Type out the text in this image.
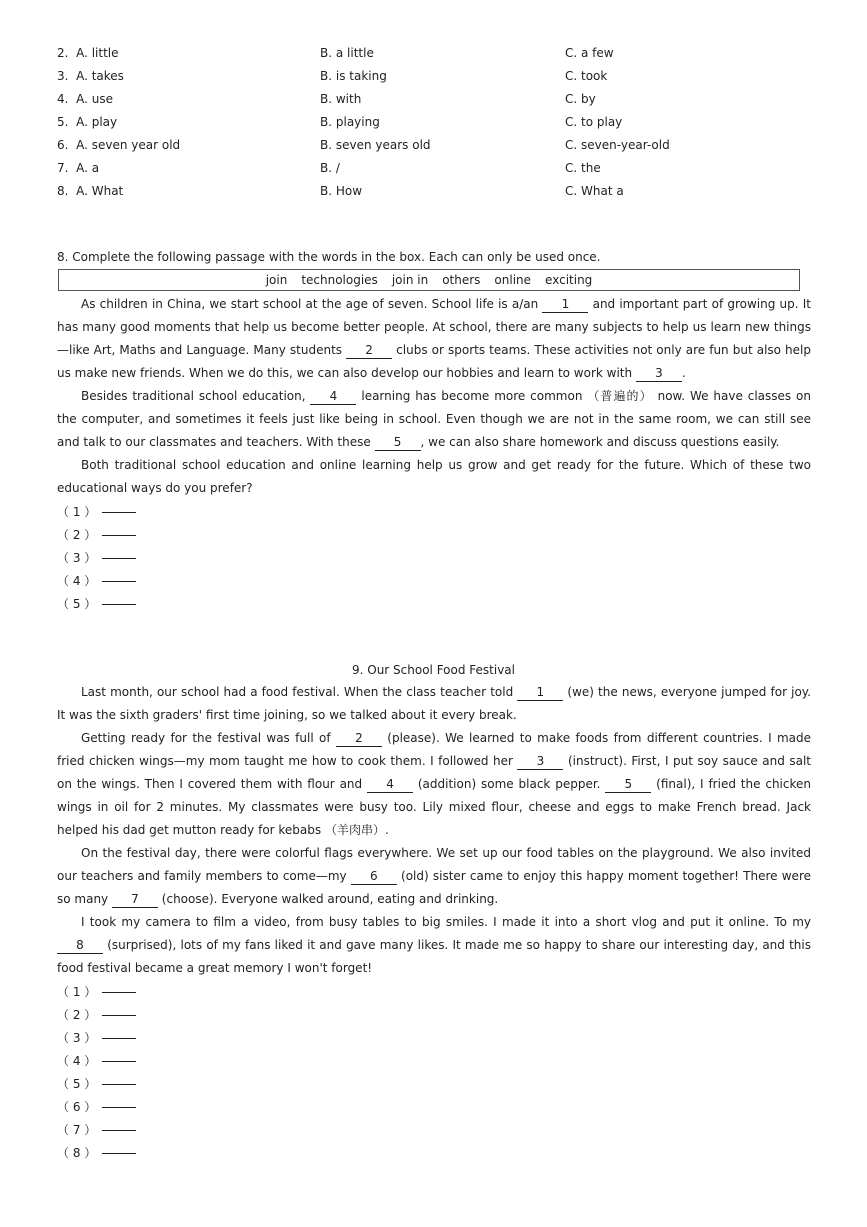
2. A. little	B. a little	C. a few
3. A. takes	B. is taking	C. took
4. A. use	B. with	C. by
5. A. play	B. playing	C. to play
6. A. seven year old	B. seven years old	C. seven-year-old
7. A. a	B. /	C. the
8. A. What	B. How	C. What a
8. Complete the following passage with the words in the box. Each can only be used once.
join technologies join in others online exciting

As children in China, we start school at the age of seven. School life is a/an 1 and important part of growing up. It has many good moments that help us become better people. At school, there are many subjects to help us learn new things—like Art, Maths and Language. Many students 2 clubs or sports teams. These activities not only are fun but also help us make new friends. When we do this, we can also develop our hobbies and learn to work with 3 .

Besides traditional school education, 4 learning has become more common （普遍的） now. We have classes on the computer, and sometimes it feels just like being in school. Even though we are not in the same room, we can still see and talk to our classmates and teachers. With these 5 , we can also share homework and discuss questions easily.

Both traditional school education and online learning help us grow and get ready for the future. Which of these two educational ways do you prefer?

（ 1 ）
（ 2 ）
（ 3 ）
（ 4 ）
（ 5 ）
9. Our School Food Festival

Last month, our school had a food festival. When the class teacher told 1 (we) the news, everyone jumped for joy. It was the sixth graders' first time joining, so we talked about it every break.

Getting ready for the festival was full of 2 (please). We learned to make foods from different countries. I made fried chicken wings—my mom taught me how to cook them. I followed her 3 (instruct). First, I put soy sauce and salt on the wings. Then I covered them with flour and 4 (addition) some black pepper. 5 (final), I fried the chicken wings in oil for 2 minutes. My classmates were busy too. Lily mixed flour, cheese and eggs to make French bread. Jack helped his dad get mutton ready for kebabs （羊肉串）.

On the festival day, there were colorful flags everywhere. We set up our food tables on the playground. We also invited our teachers and family members to come—my 6 (old) sister came to enjoy this happy moment together! There were so many 7 (choose). Everyone walked around, eating and drinking.

I took my camera to film a video, from busy tables to big smiles. I made it into a short vlog and put it online. To my 8 (surprised), lots of my fans liked it and gave many likes. It made me so happy to share our interesting day, and this food festival became a great memory I won't forget!

（ 1 ）
（ 2 ）
（ 3 ）
（ 4 ）
（ 5 ）
（ 6 ）
（ 7 ）
（ 8 ）
